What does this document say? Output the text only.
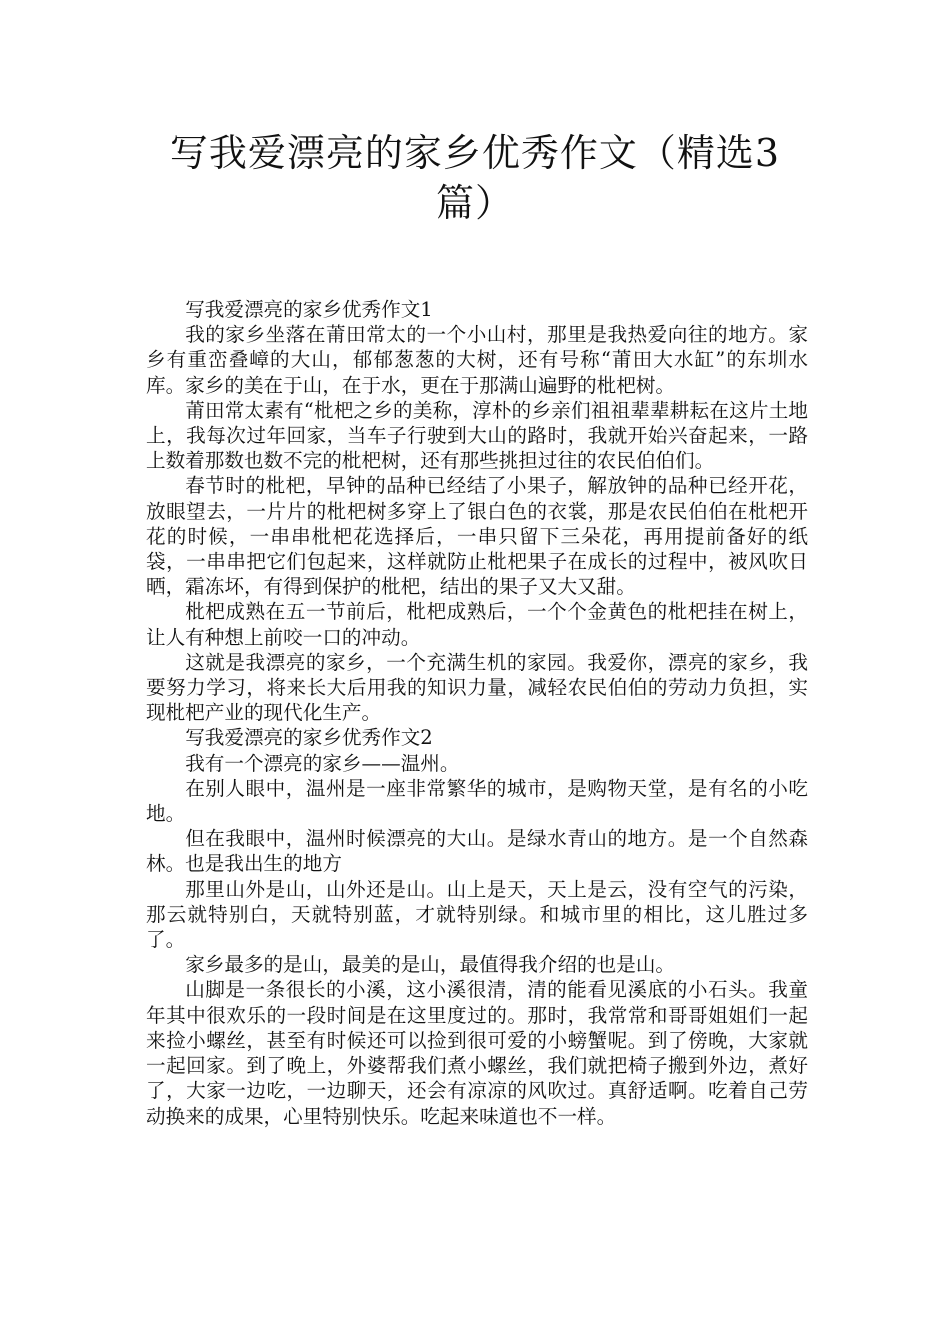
写我爱漂亮的家乡优秀作文（精选3篇）

写我爱漂亮的家乡优秀作文1

我的家乡坐落在莆田常太的一个小山村，那里是我热爱向往的地方。家乡有重峦叠嶂的大山，郁郁葱葱的大树，还有号称“莆田大水缸”的东圳水库。家乡的美在于山，在于水，更在于那满山遍野的枇杷树。

莆田常太素有“枇杷之乡的美称，淳朴的乡亲们祖祖辈辈耕耘在这片土地上，我每次过年回家，当车子行驶到大山的路时，我就开始兴奋起来，一路上数着那数也数不完的枇杷树，还有那些挑担过往的农民伯伯们。

春节时的枇杷，早钟的品种已经结了小果子，解放钟的品种已经开花，放眼望去，一片片的枇杷树多穿上了银白色的衣裳，那是农民伯伯在枇杷开花的时候，一串串枇杷花选择后，一串只留下三朵花，再用提前备好的纸袋，一串串把它们包起来，这样就防止枇杷果子在成长的过程中，被风吹日晒，霜冻坏，有得到保护的枇杷，结出的果子又大又甜。

枇杷成熟在五一节前后，枇杷成熟后，一个个金黄色的枇杷挂在树上，让人有种想上前咬一口的冲动。

这就是我漂亮的家乡，一个充满生机的家园。我爱你，漂亮的家乡，我要努力学习，将来长大后用我的知识力量，减轻农民伯伯的劳动力负担，实现枇杷产业的现代化生产。

写我爱漂亮的家乡优秀作文2

我有一个漂亮的家乡——温州。

在别人眼中，温州是一座非常繁华的城市，是购物天堂，是有名的小吃地。

但在我眼中，温州时候漂亮的大山。是绿水青山的地方。是一个自然森林。也是我出生的地方

那里山外是山，山外还是山。山上是天，天上是云，没有空气的污染，那云就特别白，天就特别蓝，才就特别绿。和城市里的相比，这儿胜过多了。

家乡最多的是山，最美的是山，最值得我介绍的也是山。

山脚是一条很长的小溪，这小溪很清，清的能看见溪底的小石头。我童年其中很欢乐的一段时间是在这里度过的。那时，我常常和哥哥姐姐们一起来捡小螺丝，甚至有时候还可以捡到很可爱的小螃蟹呢。到了傍晚，大家就一起回家。到了晚上，外婆帮我们煮小螺丝，我们就把椅子搬到外边，煮好了，大家一边吃，一边聊天，还会有凉凉的风吹过。真舒适啊。吃着自己劳动换来的成果，心里特别快乐。吃起来味道也不一样。
